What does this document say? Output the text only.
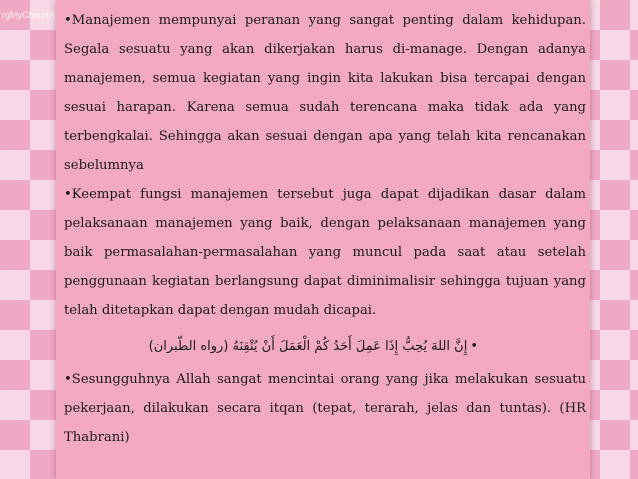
rgMyChannel •Manajemen mempunyai peranan yang sangat penting dalam kehidupan. Segala sesuatu yang akan dikerjakan harus di-manage. Dengan adanya manajemen, semua kegiatan yang ingin kita lakukan bisa tercapai dengan sesuai harapan. Karena semua sudah terencana maka tidak ada yang terbengkalai. Sehingga akan sesuai dengan apa yang telah kita rencanakan sebelumnya

•Keempat fungsi manajemen tersebut juga dapat dijadikan dasar dalam pelaksanaan manajemen yang baik, dengan pelaksanaan manajemen yang baik permasalahan-permasalahan yang muncul pada saat atau setelah penggunaan kegiatan berlangsung dapat diminimalisir sehingga tujuan yang telah ditetapkan dapat dengan mudah dicapai.

إِنَّ اللهَ يُحِبُّ إِذَا عَمِلَ أَحَدُ كُمْ الْعَمَلَ أَنْ يُتْقِنَهُ (رواه الطّبران) •

•Sesungguhnya Allah sangat mencintai orang yang jika melakukan sesuatu pekerjaan, dilakukan secara itqan (tepat, terarah, jelas dan tuntas). (HR Thabrani)
